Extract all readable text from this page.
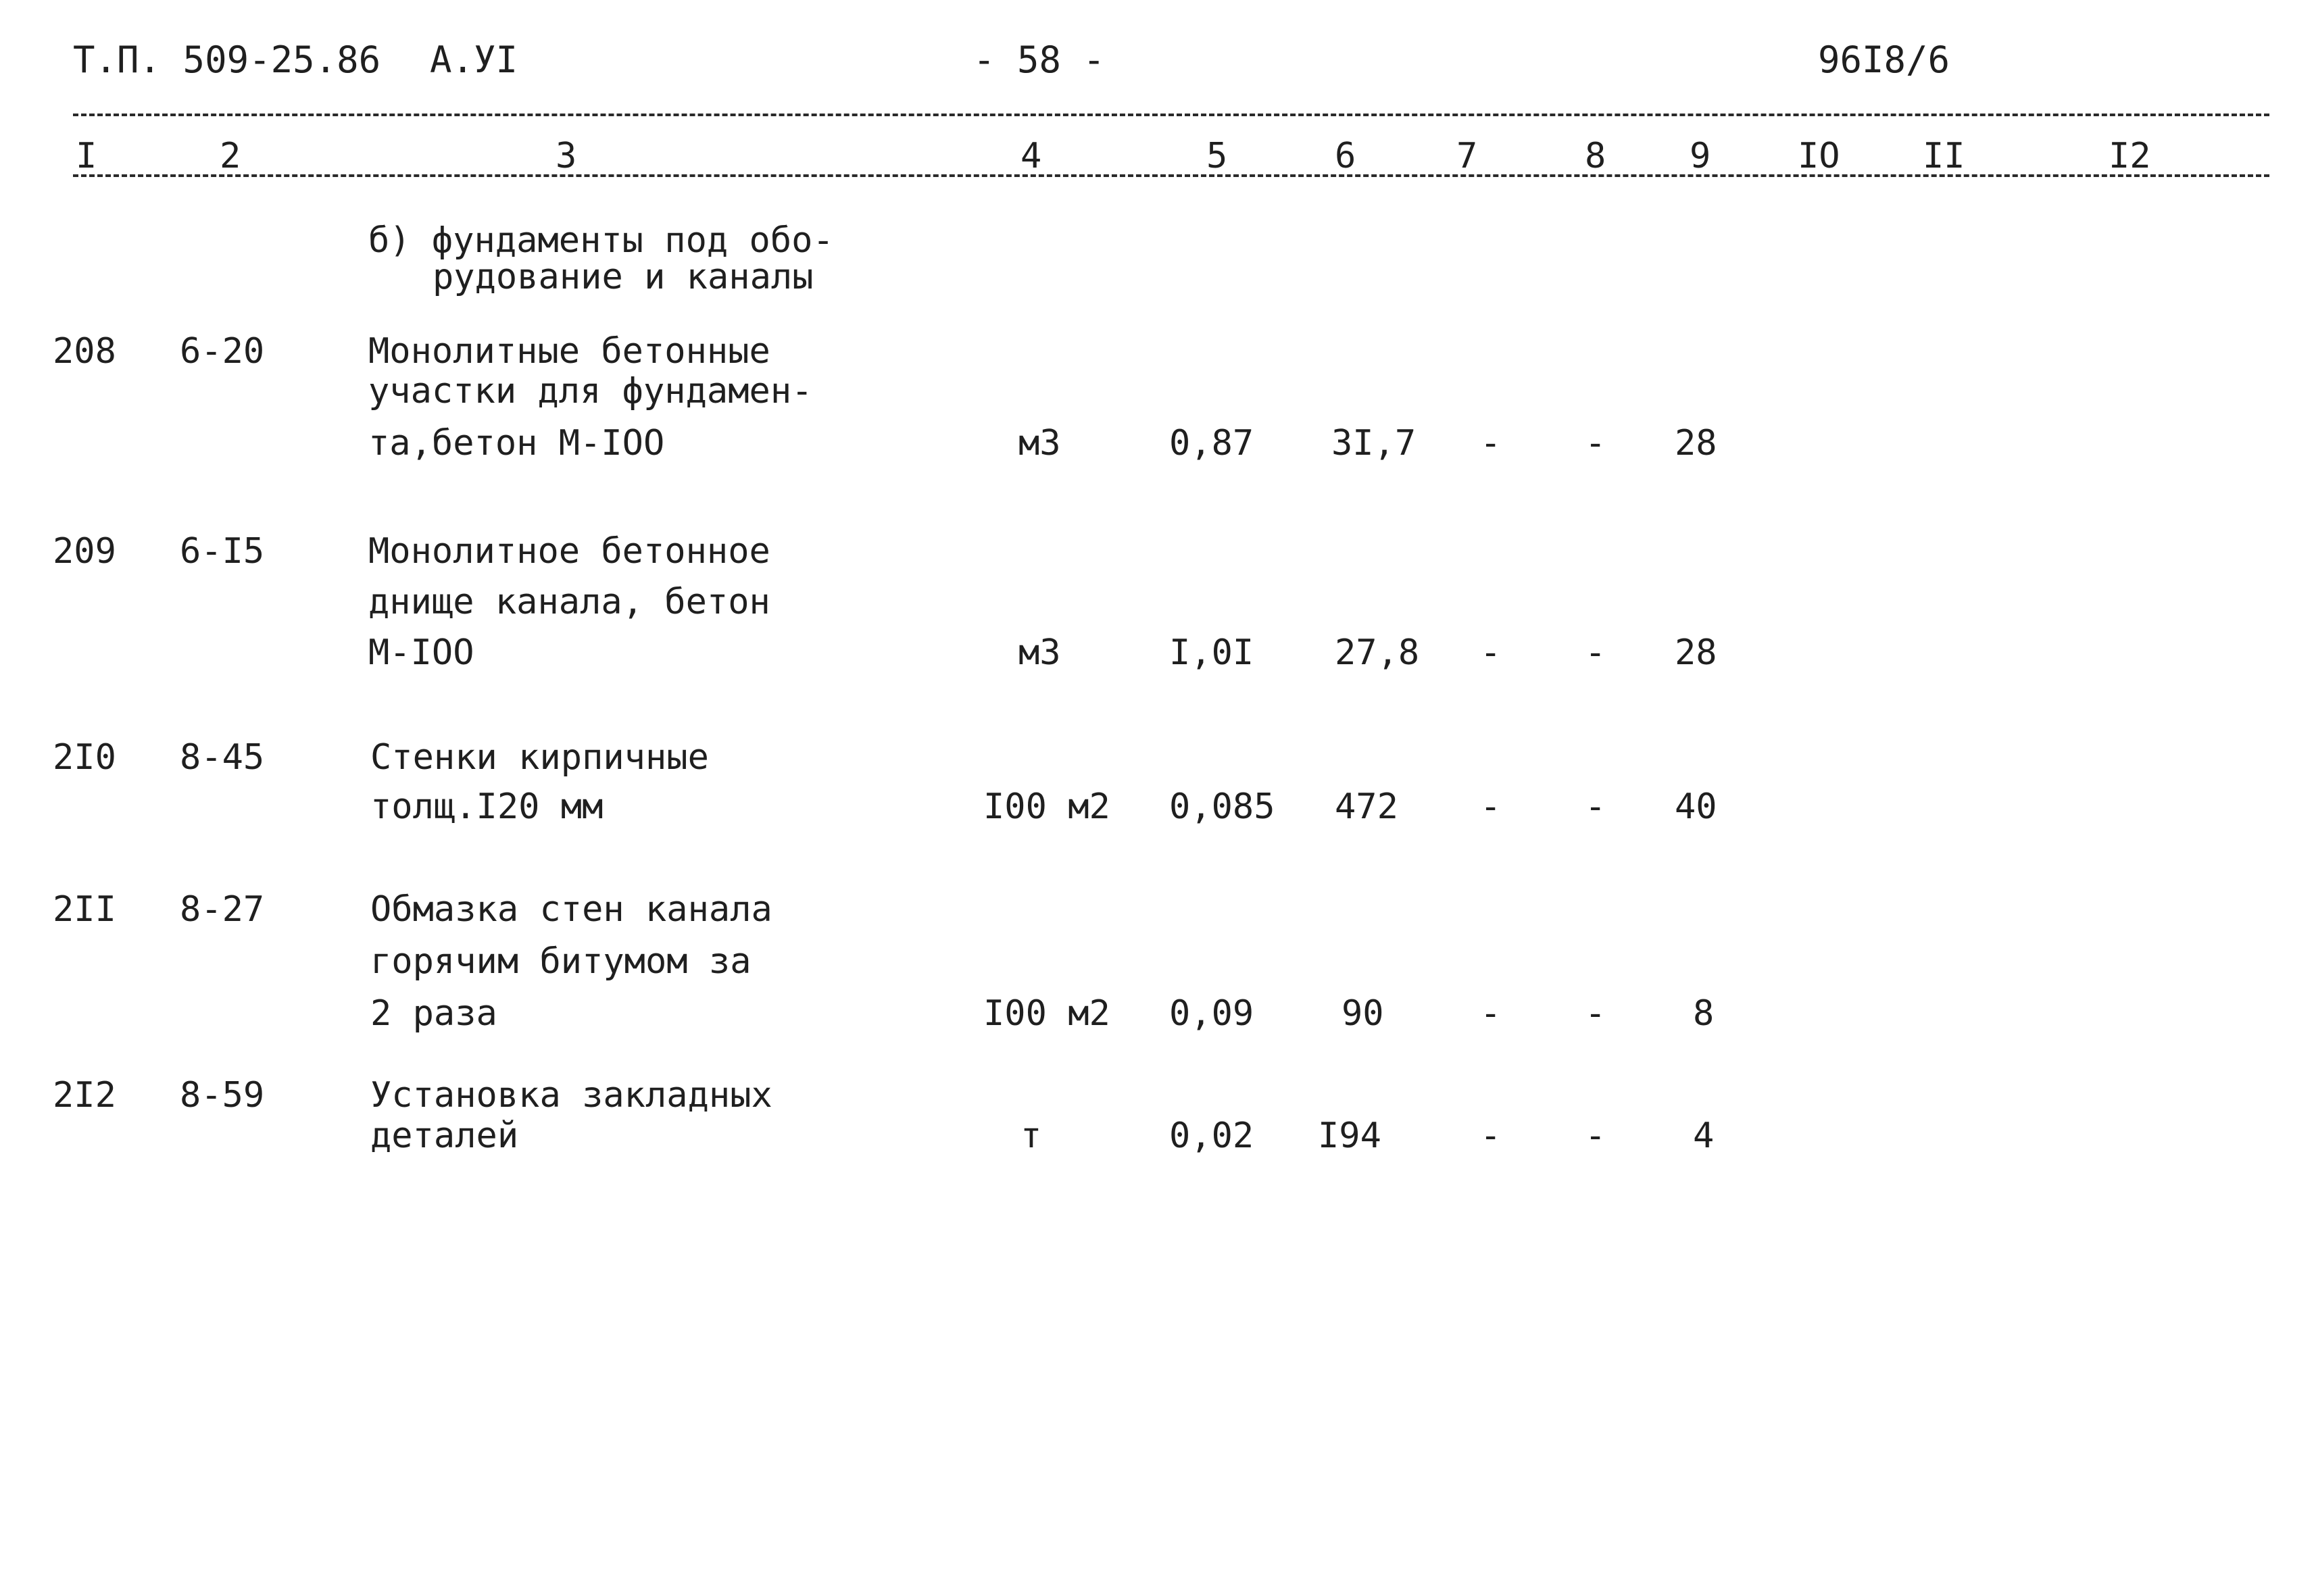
Т.П. 509-25.86 А.УI	- 58 -	96I8/6
I	2	3	4	5	6	7	8 9 IO II	I2
б) фундаменты под обо-
рудование и каналы
208 6-20	Монолитные бетонные
участки для фундамен-
та,бетон М-IOO	м3	0,87 3I,7 - - 28
209 6-I5	Монолитное бетонное
днище канала, бетон
М-IOO	м3	I,0I 27,8 - - 28
2I0 8-45	Стенки кирпичные
толщ.I20 мм	I00 м2 0,085 472 - - 40
2II 8-27	Обмазка стен канала
горячим битумом за
2 раза	I00 м2 0,09 90	- - 8
2I2 8-59	Установка закладных
деталей	т	0,02 I94	- - 4
